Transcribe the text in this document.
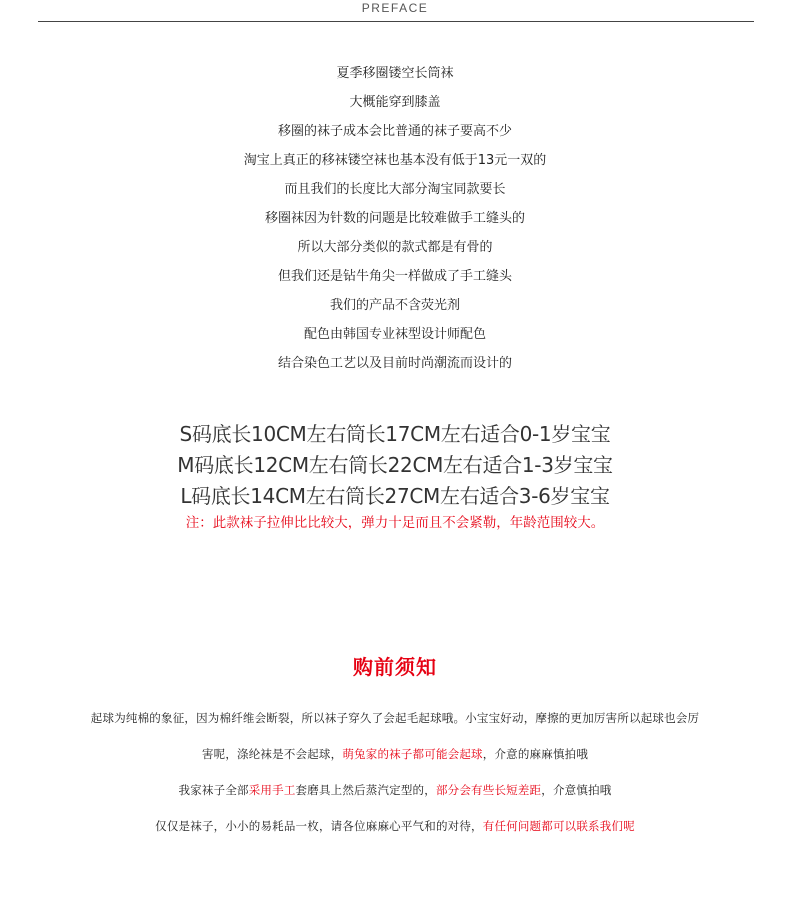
PREFACE
夏季移圈镂空长筒袜
大概能穿到膝盖
移圈的袜子成本会比普通的袜子要高不少
淘宝上真正的移袜镂空袜也基本没有低于13元一双的
而且我们的长度比大部分淘宝同款要长
移圈袜因为针数的问题是比较难做手工缝头的
所以大部分类似的款式都是有骨的
但我们还是钻牛角尖一样做成了手工缝头
我们的产品不含荧光剂
配色由韩国专业袜型设计师配色
结合染色工艺以及目前时尚潮流而设计的
S码底长10CM左右筒长17CM左右适合0-1岁宝宝
M码底长12CM左右筒长22CM左右适合1-3岁宝宝
L码底长14CM左右筒长27CM左右适合3-6岁宝宝
注：此款袜子拉伸比比较大，弹力十足而且不会紧勒，年龄范围较大。
购前须知
起球为纯棉的象征，因为棉纤维会断裂，所以袜子穿久了会起毛起球哦。小宝宝好动，摩擦的更加厉害所以起球也会厉
害呢，涤纶袜是不会起球，萌兔家的袜子都可能会起球，介意的麻麻慎拍哦
我家袜子全部采用手工套磨具上然后蒸汽定型的，部分会有些长短差距，介意慎拍哦
仅仅是袜子，小小的易耗品一枚，请各位麻麻心平气和的对待，有任何问题都可以联系我们呢
